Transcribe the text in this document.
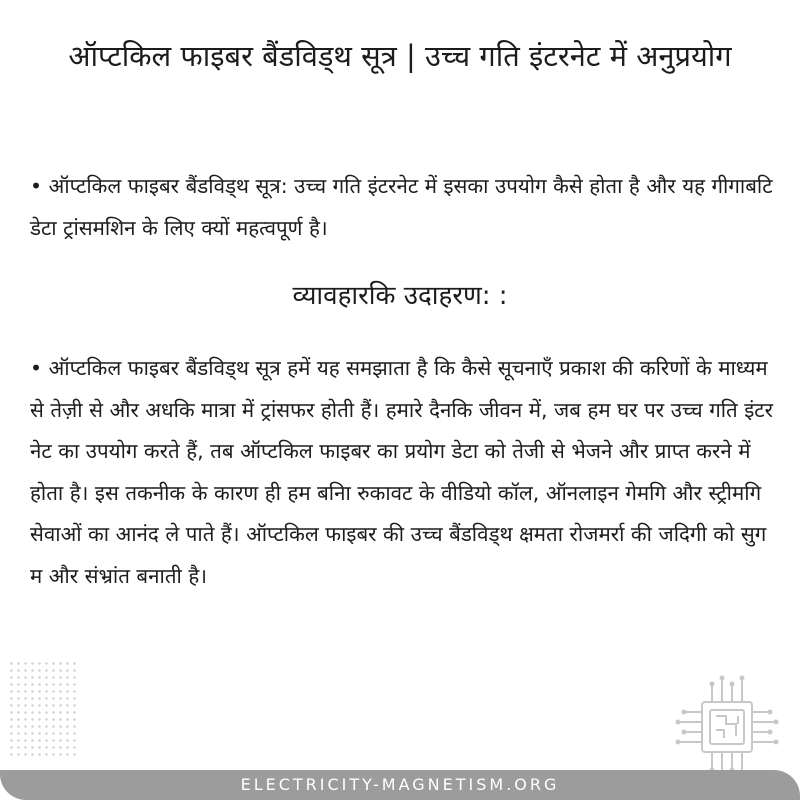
ऑप्टकिल फाइबर बैंडविड्थ सूत्र | उच्च गत‍ि इंटरनेट में अनुप्रयोग

• ऑप्टकिल फाइबर बैंडविड्थ सूत्र: उच्च गत‍ि इंटरनेट में इसका उपयोग कैसे होता है और यह गीगाबटि डेटा ट्रांसमशिन के लिए क्यों महत्वपूर्ण है।

व्यावहारकि उदाहरण: :

• ऑप्टकिल फाइबर बैंडविड्थ सूत्र हमें यह समझाता है क‍ि कैसे सूचनाएँ प्रकाश की करिणों के माध्यम से तेज़ी से और अधकि मात्रा में ट्रांसफर होती हैं। हमारे दैनकि जीवन में, जब हम घर पर उच्च गत‍ि इंटरनेट का उपयोग करते हैं, तब ऑप्टकिल फाइबर का प्रयोग डेटा को तेजी से भेजने और प्राप्त करने में होता है। इस तकनीक के कारण ही हम बनिा रुकावट के वीडियो कॉल, ऑनलाइन गेमगि और स्ट्रीमगि सेवाओं का आनंद ले पाते हैं। ऑप्टकिल फाइबर की उच्च बैंडविड्थ क्षमता रोजमर्रा की जदिगी को सुगम और संभ्रांत बनाती है।

ELECTRICITY-MAGNETISM.ORG
